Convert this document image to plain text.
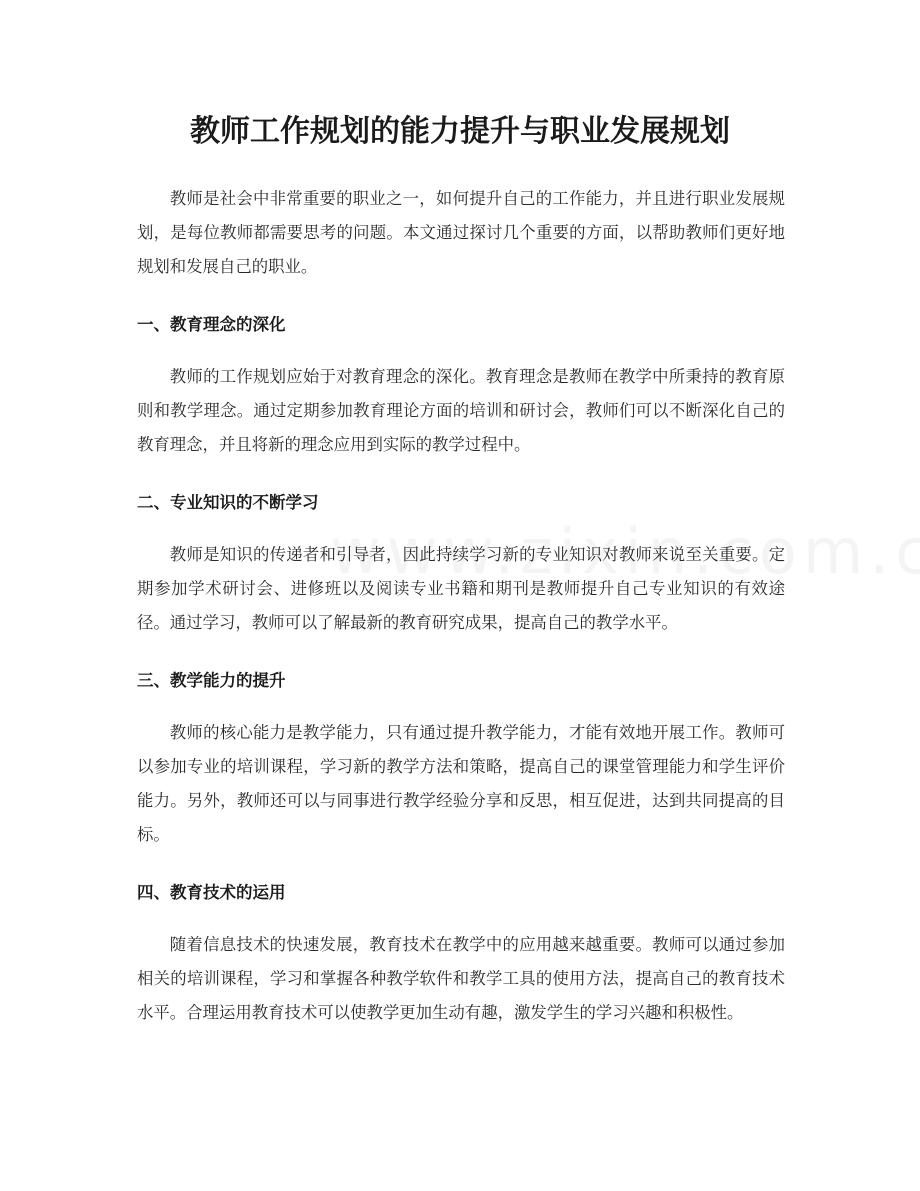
教师工作规划的能力提升与职业发展规划

教师是社会中非常重要的职业之一，如何提升自己的工作能力，并且进行职业发展规划，是每位教师都需要思考的问题。本文通过探讨几个重要的方面，以帮助教师们更好地规划和发展自己的职业。

一、教育理念的深化

教师的工作规划应始于对教育理念的深化。教育理念是教师在教学中所秉持的教育原则和教学理念。通过定期参加教育理论方面的培训和研讨会，教师们可以不断深化自己的教育理念，并且将新的理念应用到实际的教学过程中。

二、专业知识的不断学习

教师是知识的传递者和引导者，因此持续学习新的专业知识对教师来说至关重要。定期参加学术研讨会、进修班以及阅读专业书籍和期刊是教师提升自己专业知识的有效途径。通过学习，教师可以了解最新的教育研究成果，提高自己的教学水平。

三、教学能力的提升

教师的核心能力是教学能力，只有通过提升教学能力，才能有效地开展工作。教师可以参加专业的培训课程，学习新的教学方法和策略，提高自己的课堂管理能力和学生评价能力。另外，教师还可以与同事进行教学经验分享和反思，相互促进，达到共同提高的目标。

四、教育技术的运用

随着信息技术的快速发展，教育技术在教学中的应用越来越重要。教师可以通过参加相关的培训课程，学习和掌握各种教学软件和教学工具的使用方法，提高自己的教育技术水平。合理运用教育技术可以使教学更加生动有趣，激发学生的学习兴趣和积极性。
